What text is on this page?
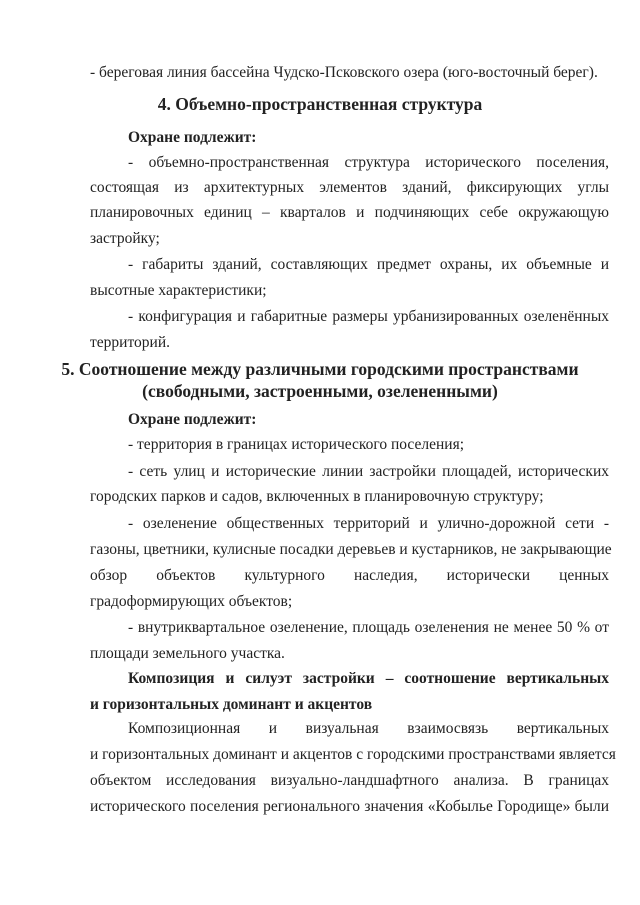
- береговая линия бассейна Чудско-Псковского озера (юго-восточный берег).
4. Объемно-пространственная структура
Охране подлежит:
- объемно-пространственная структура исторического поселения,
состоящая из архитектурных элементов зданий, фиксирующих углы
планировочных единиц – кварталов и подчиняющих себе окружающую
застройку;
- габариты зданий, составляющих предмет охраны, их объемные и
высотные характеристики;
- конфигурация и габаритные размеры урбанизированных озеленённых
территорий.
5. Соотношение между различными городскими пространствами
(свободными, застроенными, озелененными)
Охране подлежит:
- территория в границах исторического поселения;
- сеть улиц и исторические линии застройки площадей, исторических
городских парков и садов, включенных в планировочную структуру;
- озеленение общественных территорий и улично-дорожной сети -
газоны, цветники, кулисные посадки деревьев и кустарников, не закрывающие
обзор объектов культурного наследия, исторически ценных
градоформирующих объектов;
- внутриквартальное озеленение, площадь озеленения не менее 50 % от
площади земельного участка.
Композиция и силуэт застройки – соотношение вертикальных
и горизонтальных доминант и акцентов
Композиционная и визуальная взаимосвязь вертикальных
и горизонтальных доминант и акцентов с городскими пространствами является
объектом исследования визуально-ландшафтного анализа. В границах
исторического поселения регионального значения «Кобылье Городище» были
